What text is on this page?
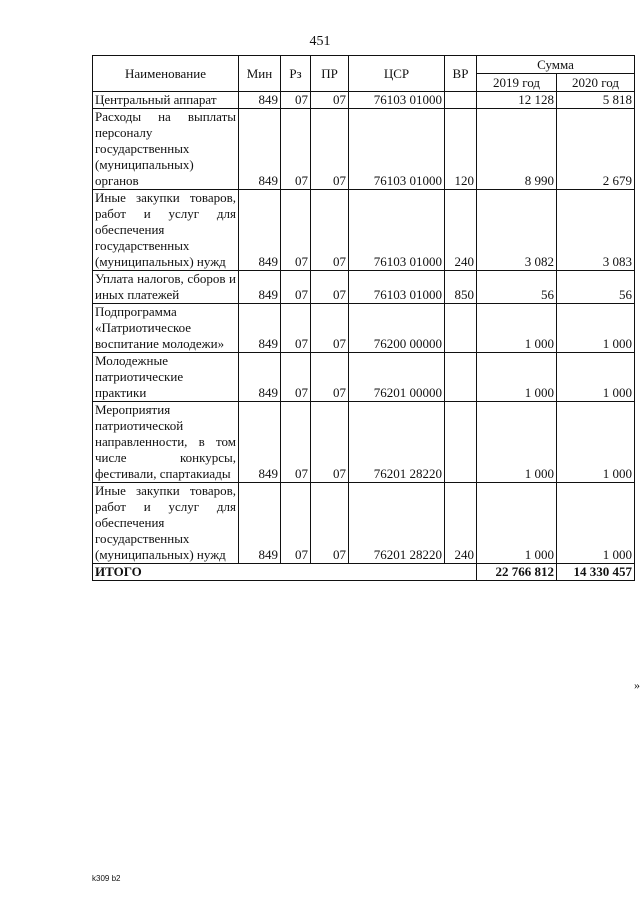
451
Наименование	Мин	Рз	ПР	ЦСР	ВР	Сумма	
						2019 год	2020 год
Центральный аппарат	849	07	07	76103 01000		12 128	5 818
Расходы на выплаты персоналу государственных (муниципальных) органов	849	07	07	76103 01000	120	8 990	2 679
Иные закупки товаров, работ и услуг для обеспечения государственных (муниципальных) нужд	849	07	07	76103 01000	240	3 082	3 083
Уплата налогов, сборов и иных платежей	849	07	07	76103 01000	850	56	56
Подпрограмма «Патриотическое воспитание молодежи»	849	07	07	76200 00000		1 000	1 000
Молодежные патриотические практики	849	07	07	76201 00000		1 000	1 000
Мероприятия патриотической направленности, в том числе конкурсы, фестивали, спартакиады	849	07	07	76201 28220		1 000	1 000
Иные закупки товаров, работ и услуг для обеспечения государственных (муниципальных) нужд	849	07	07	76201 28220	240	1 000	1 000
ИТОГО						22 766 812	14 330 457
»
k309 b2
